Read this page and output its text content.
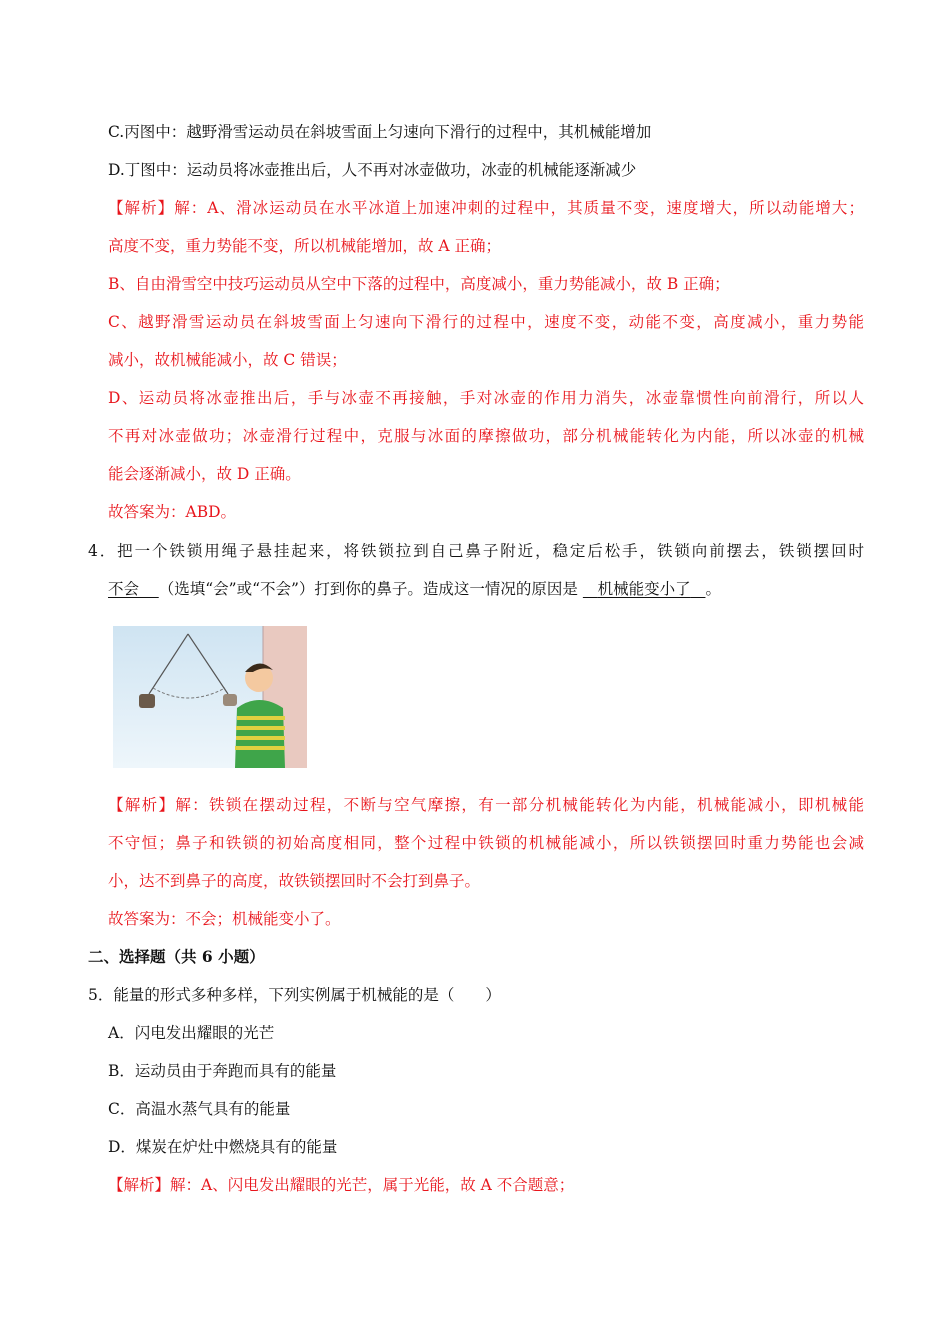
C.丙图中：越野滑雪运动员在斜坡雪面上匀速向下滑行的过程中，其机械能增加
D.丁图中：运动员将冰壶推出后，人不再对冰壶做功，冰壶的机械能逐渐减少
【解析】解：A、滑冰运动员在水平冰道上加速冲刺的过程中，其质量不变，速度增大，所以动能增大；
高度不变，重力势能不变，所以机械能增加，故 A 正确；
B、自由滑雪空中技巧运动员从空中下落的过程中，高度减小，重力势能减小，故 B 正确；
C、越野滑雪运动员在斜坡雪面上匀速向下滑行的过程中，速度不变，动能不变，高度减小，重力势能
减小，故机械能减小，故 C 错误；
D、运动员将冰壶推出后，手与冰壶不再接触，手对冰壶的作用力消失，冰壶靠惯性向前滑行，所以人
不再对冰壶做功；冰壶滑行过程中，克服与冰面的摩擦做功，部分机械能转化为内能，所以冰壶的机械
能会逐渐减小，故 D 正确。
故答案为：ABD。
4．把一个铁锁用绳子悬挂起来，将铁锁拉到自己鼻子附近，稳定后松手，铁锁向前摆去，铁锁摆回时
不会 （选填“会”或“不会”）打到你的鼻子。造成这一情况的原因是 机械能变小了 。
【解析】解：铁锁在摆动过程，不断与空气摩擦，有一部分机械能转化为内能，机械能减小，即机械能
不守恒；鼻子和铁锁的初始高度相同，整个过程中铁锁的机械能减小，所以铁锁摆回时重力势能也会减
小，达不到鼻子的高度，故铁锁摆回时不会打到鼻子。
故答案为：不会；机械能变小了。
二、选择题（共 6 小题）
5．能量的形式多种多样，下列实例属于机械能的是（　　）
A．闪电发出耀眼的光芒
B．运动员由于奔跑而具有的能量
C．高温水蒸气具有的能量
D．煤炭在炉灶中燃烧具有的能量
【解析】解：A、闪电发出耀眼的光芒，属于光能，故 A 不合题意；
